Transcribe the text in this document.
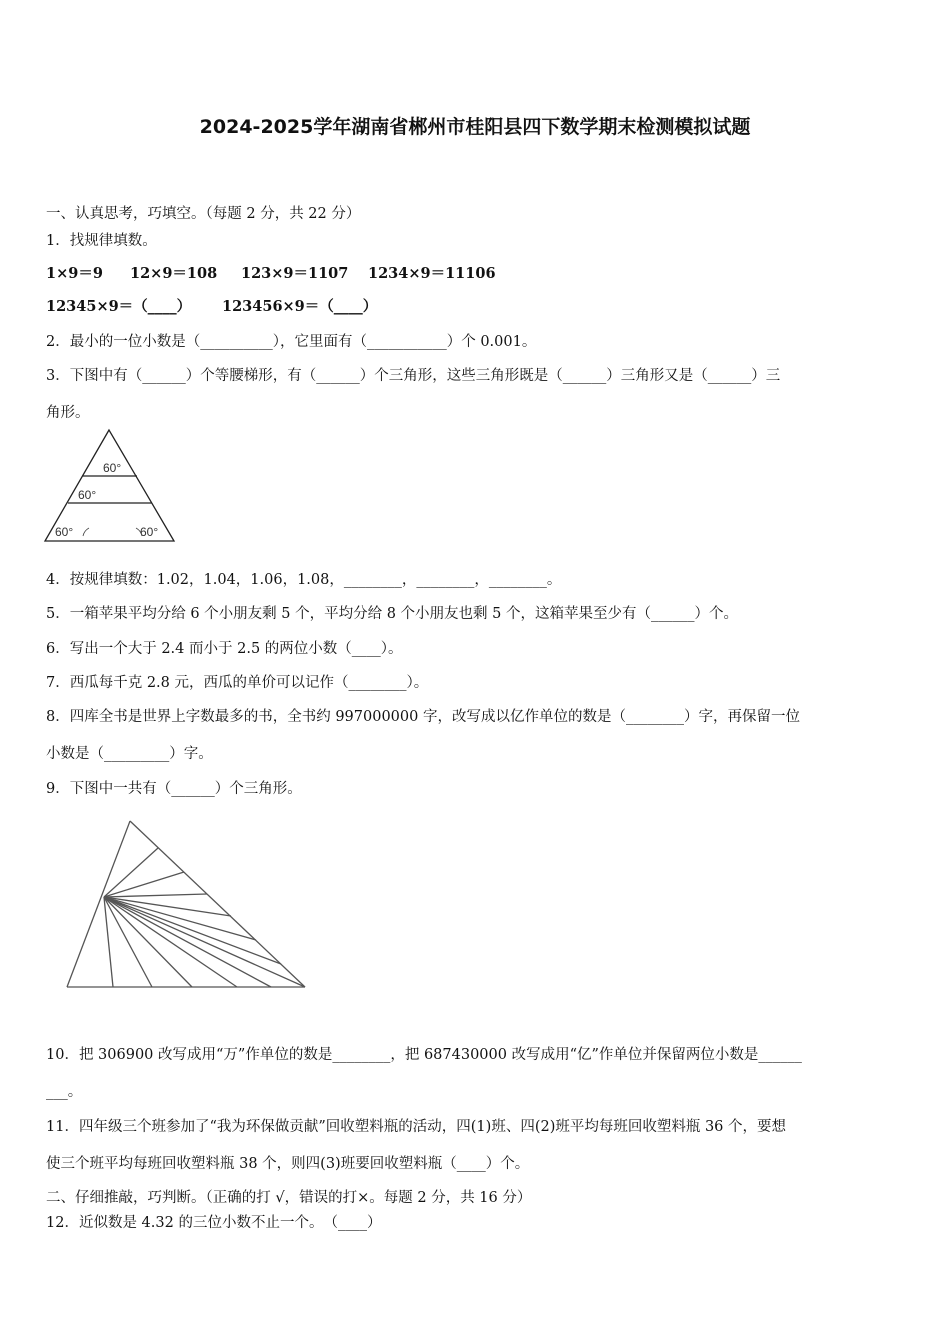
2024-2025学年湖南省郴州市桂阳县四下数学期末检测模拟试题
一、认真思考，巧填空。（每题 2 分，共 22 分）
1．找规律填数。
1×9＝9 12×9＝108 123×9＝1107 1234×9＝11106
12345×9＝（____） 123456×9＝（____）
2．最小的一位小数是（__________），它里面有（___________）个 0.001。
3．下图中有（______）个等腰梯形，有（______）个三角形，这些三角形既是（______）三角形又是（______）三
角形。
60°
60°
60°	60°
4．按规律填数：1.02，1.04，1.06，1.08，________，________，________。
5．一箱苹果平均分给 6 个小朋友剩 5 个，平均分给 8 个小朋友也剩 5 个，这箱苹果至少有（______）个。
6．写出一个大于 2.4 而小于 2.5 的两位小数（____）。
7．西瓜每千克 2.8 元，西瓜的单价可以记作（________）。
8．四库全书是世界上字数最多的书，全书约 997000000 字，改写成以亿作单位的数是（________）字，再保留一位
小数是（_________）字。
9．下图中一共有（______）个三角形。
10．把 306900 改写成用“万”作单位的数是________，把 687430000 改写成用“亿”作单位并保留两位小数是______
___。
11．四年级三个班参加了“我为环保做贡献”回收塑料瓶的活动，四(1)班、四(2)班平均每班回收塑料瓶 36 个，要想
使三个班平均每班回收塑料瓶 38 个，则四(3)班要回收塑料瓶（____）个。
二、仔细推敲，巧判断。（正确的打 √，错误的打×。每题 2 分，共 16 分）
12．近似数是 4.32 的三位小数不止一个。　（____）
